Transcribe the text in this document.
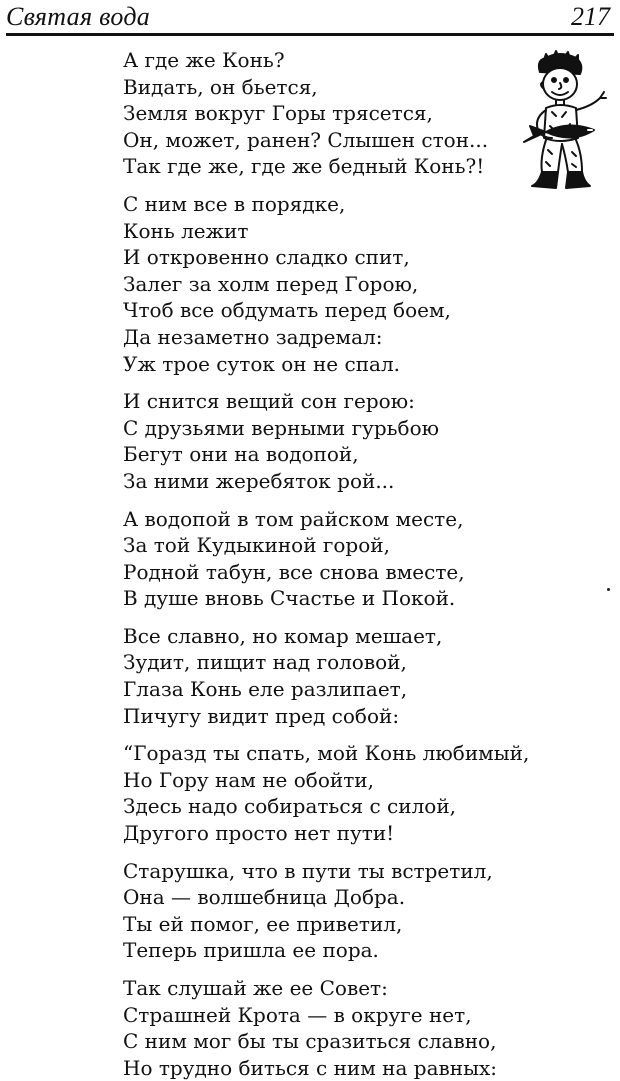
Святая вода	217

А где же Конь?
Видать, он бьется,
Земля вокруг Горы трясется,
Он, может, ранен? Слышен стон...
Так где же, где же бедный Конь?!

С ним все в порядке,
Конь лежит
И откровенно сладко спит,
Залег за холм перед Горою,
Чтоб все обдумать перед боем,
Да незаметно задремал:
Уж трое суток он не спал.

И снится вещий сон герою:
С друзьями верными гурьбою
Бегут они на водопой,
За ними жеребяток рой...

А водопой в том райском месте,
За той Кудыкиной горой,
Родной табун, все снова вместе,
В душе вновь Счастье и Покой.

Все славно, но комар мешает,
Зудит, пищит над головой,
Глаза Конь еле разлипает,
Пичугу видит пред собой:

“Горазд ты спать, мой Конь любимый,
Но Гору нам не обойти,
Здесь надо собираться с силой,
Другого просто нет пути!

Старушка, что в пути ты встретил,
Она — волшебница Добра.
Ты ей помог, ее приветил,
Теперь пришла ее пора.

Так слушай же ее Совет:
Страшней Крота — в округе нет,
С ним мог бы ты сразиться славно,
Но трудно биться с ним на равных:
